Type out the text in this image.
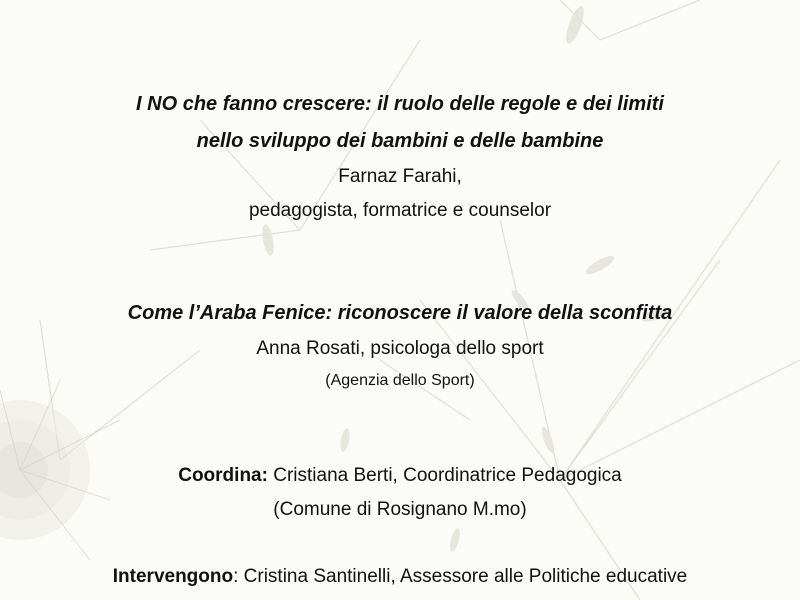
I NO che fanno crescere: il ruolo delle regole e dei limiti
nello sviluppo dei bambini e delle bambine
Farnaz Farahi,
pedagogista, formatrice e counselor
Come l’Araba Fenice: riconoscere il valore della sconfitta
Anna Rosati, psicologa dello sport
(Agenzia dello Sport)
Coordina: Cristiana Berti, Coordinatrice Pedagogica
(Comune di Rosignano M.mo)
Intervengono: Cristina Santinelli, Assessore alle Politiche educative
